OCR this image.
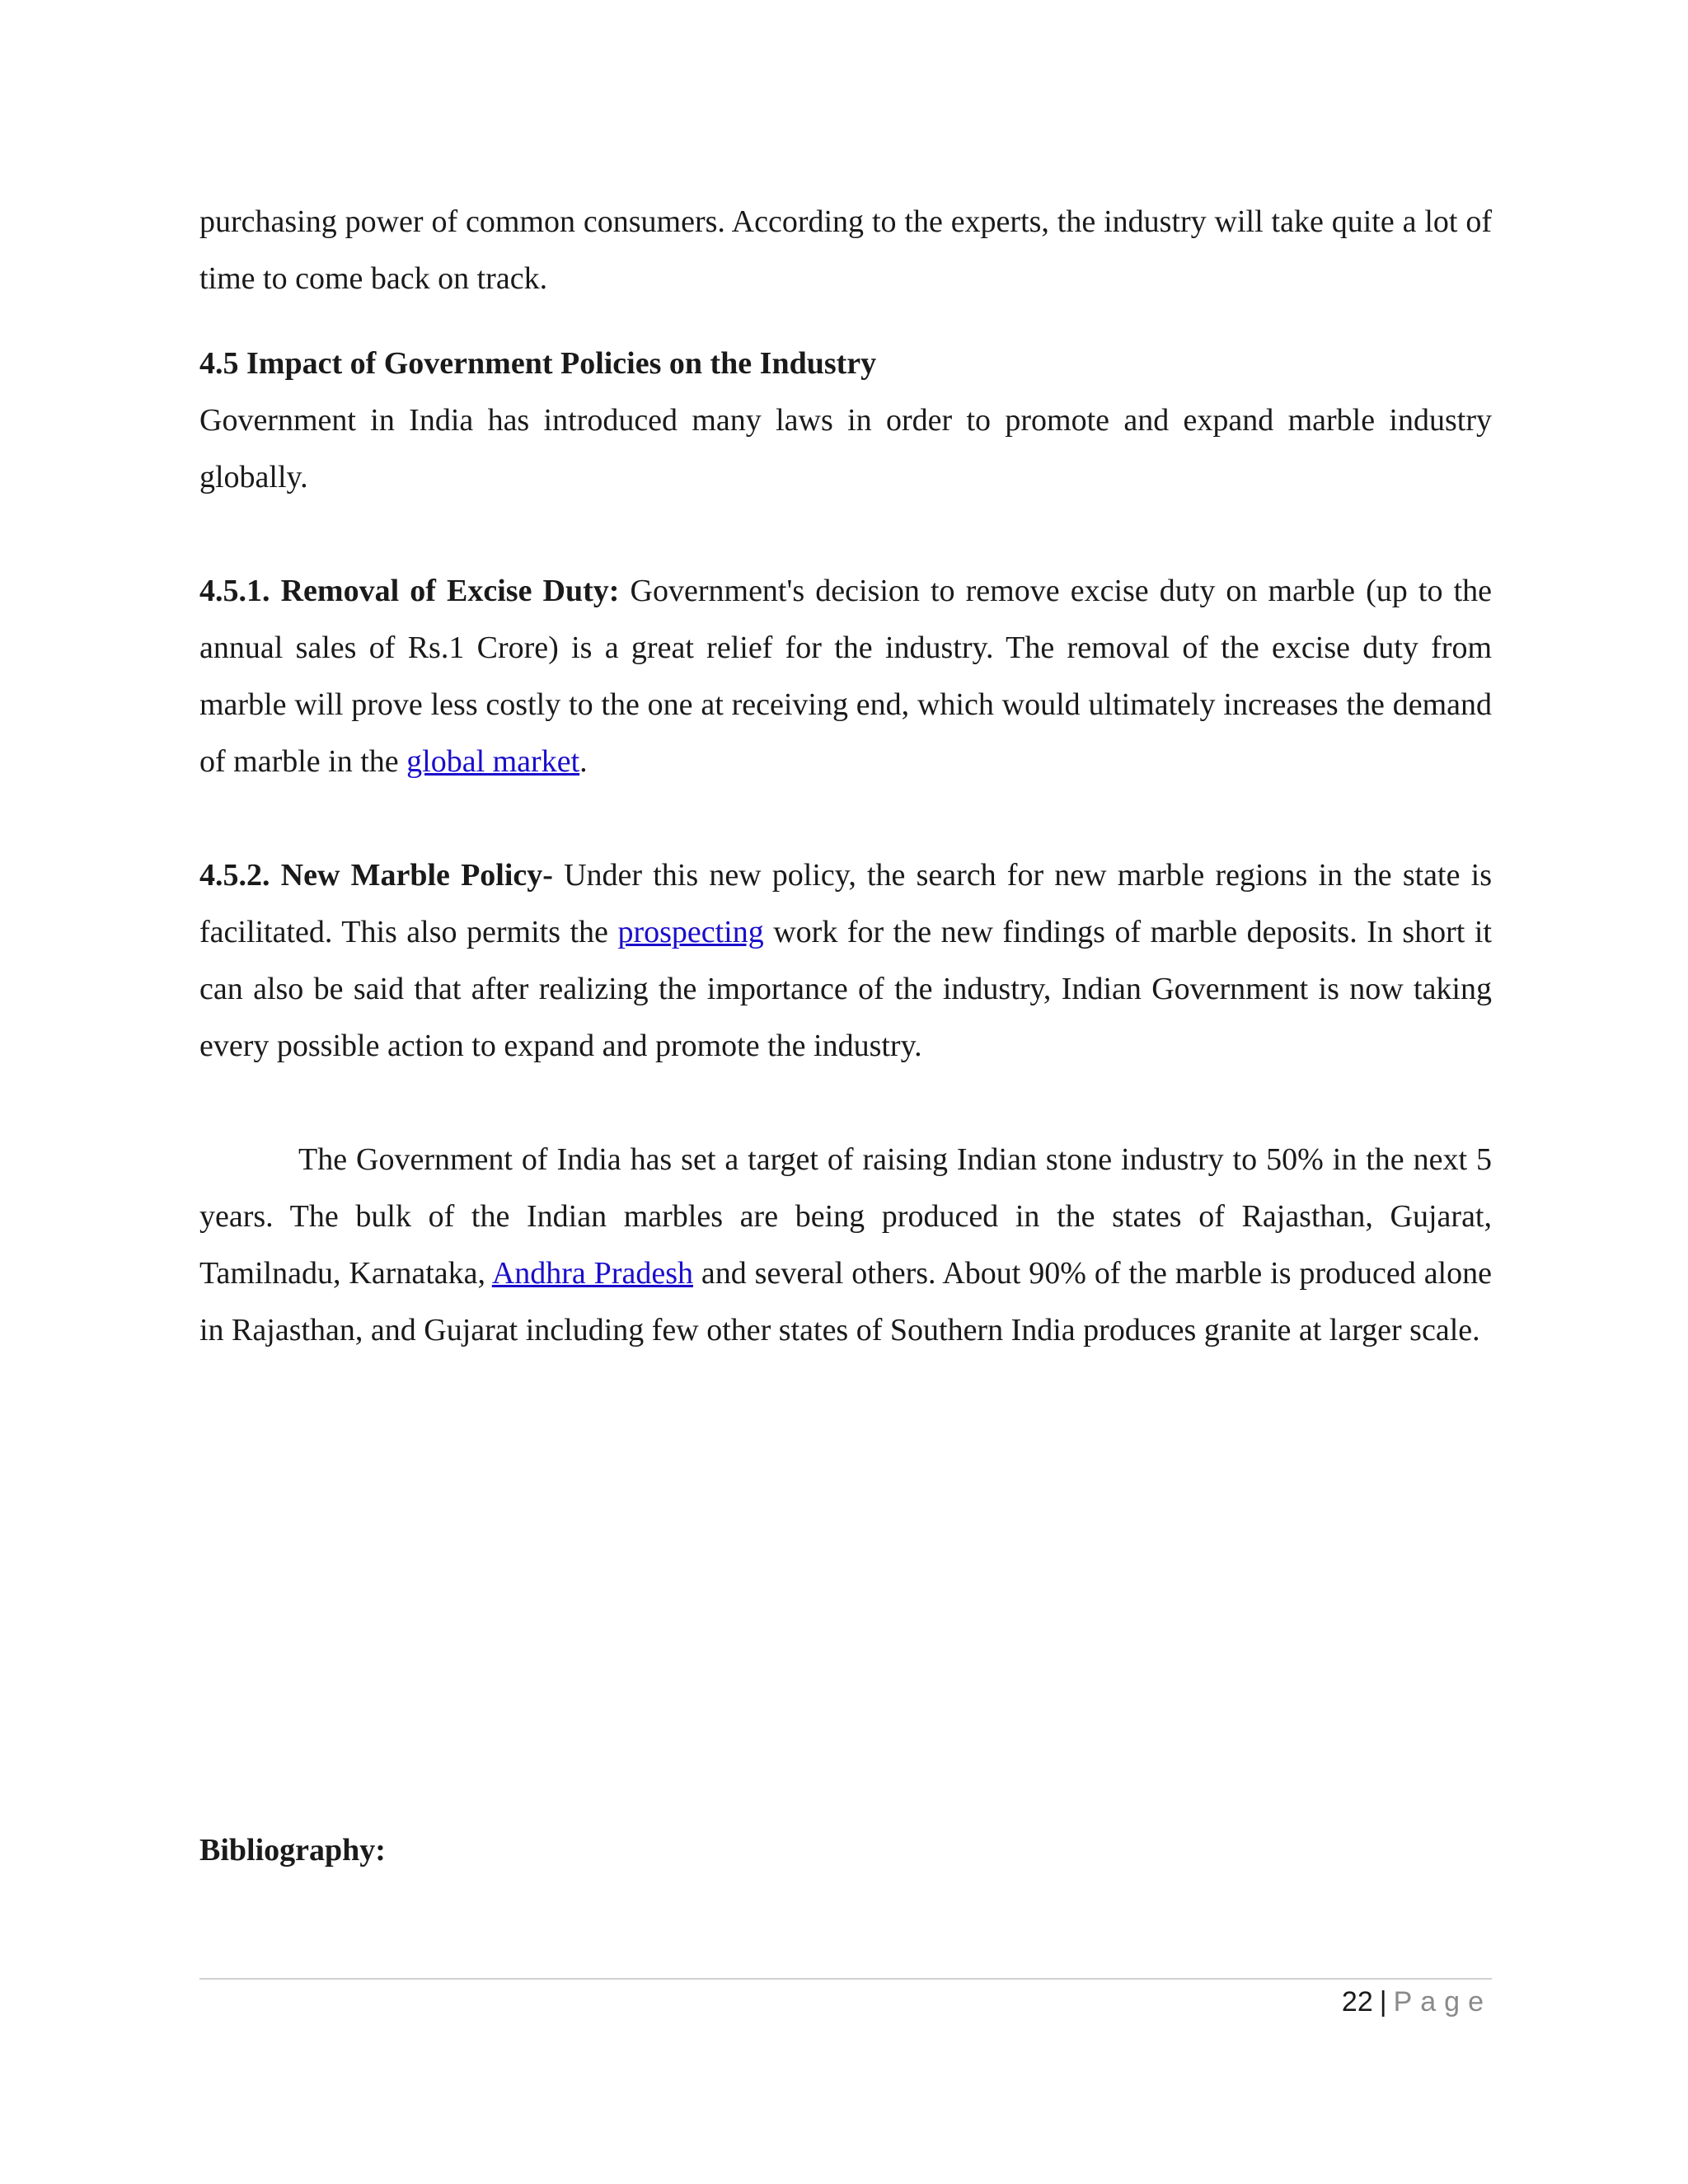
purchasing power of common consumers. According to the experts, the industry will take quite a lot of time to come back on track.

4.5 Impact of Government Policies on the Industry

Government in India has introduced many laws in order to promote and expand marble industry globally.

4.5.1. Removal of Excise Duty: Government's decision to remove excise duty on marble (up to the annual sales of Rs.1 Crore) is a great relief for the industry. The removal of the excise duty from marble will prove less costly to the one at receiving end, which would ultimately increases the demand of marble in the global market.

4.5.2. New Marble Policy- Under this new policy, the search for new marble regions in the state is facilitated. This also permits the prospecting work for the new findings of marble deposits. In short it can also be said that after realizing the importance of the industry, Indian Government is now taking every possible action to expand and promote the industry.

The Government of India has set a target of raising Indian stone industry to 50% in the next 5 years. The bulk of the Indian marbles are being produced in the states of Rajasthan, Gujarat, Tamilnadu, Karnataka, Andhra Pradesh and several others. About 90% of the marble is produced alone in Rajasthan, and Gujarat including few other states of Southern India produces granite at larger scale.

Bibliography:
22 | Page
